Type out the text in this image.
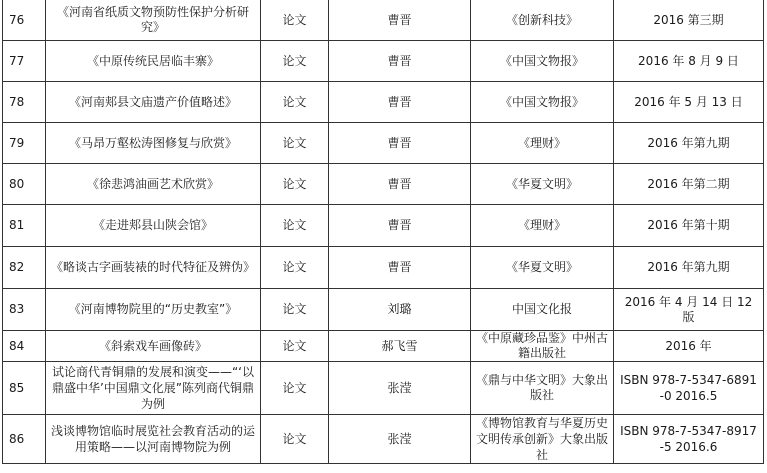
76	《河南省纸质文物预防性保护分析研究》	论文	曹晋	《创新科技》	2016 第三期
77	《中原传统民居临丰寨》	论文	曹晋	《中国文物报》	2016 年 8 月 9 日
78	《河南郏县文庙遗产价值略述》	论文	曹晋	《中国文物报》	2016 年 5 月 13 日
79	《马昂万壑松涛图修复与欣赏》	论文	曹晋	《理财》	2016 年第九期
80	《徐悲鸿油画艺术欣赏》	论文	曹晋	《华夏文明》	2016 年第二期
81	《走进郏县山陕会馆》	论文	曹晋	《理财》	2016 年第十期
82	《略谈古字画装裱的时代特征及辨伪》	论文	曹晋	《华夏文明》	2016 年第九期
83	《河南博物院里的“历史教室”》	论文	刘璐	中国文化报	2016 年 4 月 14 日 12 版
84	《斜索戏车画像砖》	论文	郝飞雪	《中原藏珍品鉴》中州古籍出版社	2016 年
85	试论商代青铜鼎的发展和演变——“‘以鼎盛中华’中国鼎文化展”陈列商代铜鼎为例	论文	张滢	《鼎与中华文明》大象出版社	ISBN 978-7-5347-6891-0 2016.5
86	浅谈博物馆临时展览社会教育活动的运用策略——以河南博物院为例	论文	张滢	《博物馆教育与华夏历史文明传承创新》大象出版社	ISBN 978-7-5347-8917-5 2016.6
